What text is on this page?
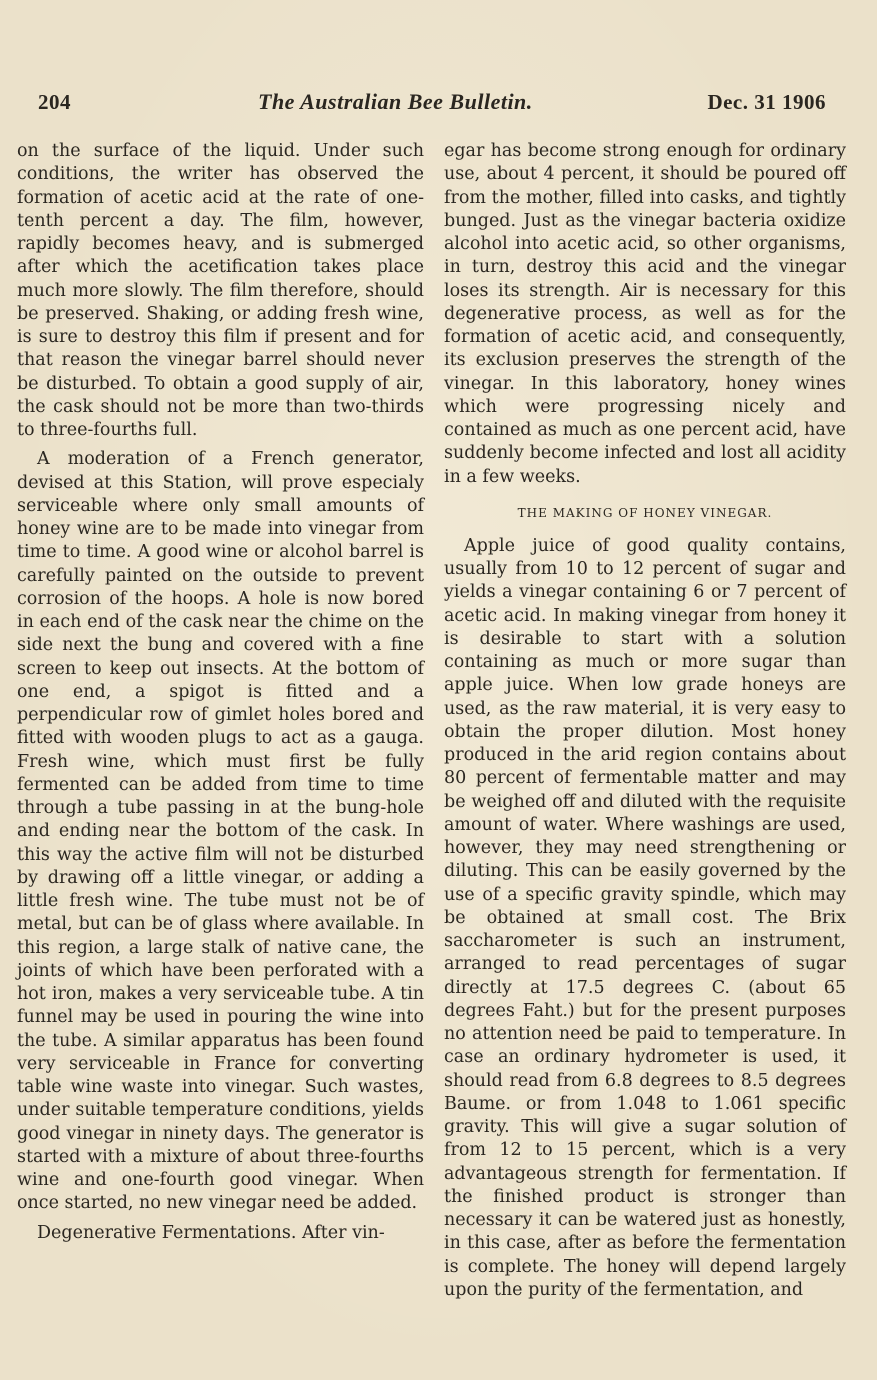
204	The Australian Bee Bulletin.	Dec. 31 1906

on the surface of the liquid. Under such conditions, the writer has observed the formation of acetic acid at the rate of one-tenth percent a day. The film, however, rapidly becomes heavy, and is submerged after which the acetification takes place much more slowly. The film therefore, should be preserved. Shaking, or adding fresh wine, is sure to destroy this film if present and for that reason the vinegar barrel should never be disturbed. To obtain a good supply of air, the cask should not be more than two-thirds to three-fourths full.

A moderation of a French generator, devised at this Station, will prove especialy serviceable where only small amounts of honey wine are to be made into vinegar from time to time. A good wine or alcohol barrel is carefully painted on the outside to prevent corrosion of the hoops. A hole is now bored in each end of the cask near the chime on the side next the bung and covered with a fine screen to keep out insects. At the bottom of one end, a spigot is fitted and a perpendicular row of gimlet holes bored and fitted with wooden plugs to act as a gauga. Fresh wine, which must first be fully fermented can be added from time to time through a tube passing in at the bung-hole and ending near the bottom of the cask. In this way the active film will not be disturbed by drawing off a little vinegar, or adding a little fresh wine. The tube must not be of metal, but can be of glass where available. In this region, a large stalk of native cane, the joints of which have been perforated with a hot iron, makes a very serviceable tube. A tin funnel may be used in pouring the wine into the tube. A similar apparatus has been found very serviceable in France for converting table wine waste into vinegar. Such wastes, under suitable temperature conditions, yields good vinegar in ninety days. The generator is started with a mixture of about three-fourths wine and one-fourth good vinegar. When once started, no new vinegar need be added.

Degenerative Fermentations. After vin-

egar has become strong enough for ordinary use, about 4 percent, it should be poured off from the mother, filled into casks, and tightly bunged. Just as the vinegar bacteria oxidize alcohol into acetic acid, so other organisms, in turn, destroy this acid and the vinegar loses its strength. Air is necessary for this degenerative process, as well as for the formation of acetic acid, and consequently, its exclusion preserves the strength of the vinegar. In this laboratory, honey wines which were progressing nicely and contained as much as one percent acid, have suddenly become infected and lost all acidity in a few weeks.

THE MAKING OF HONEY VINEGAR.

Apple juice of good quality contains, usually from 10 to 12 percent of sugar and yields a vinegar containing 6 or 7 percent of acetic acid. In making vinegar from honey it is desirable to start with a solution containing as much or more sugar than apple juice. When low grade honeys are used, as the raw material, it is very easy to obtain the proper dilution. Most honey produced in the arid region contains about 80 percent of fermentable matter and may be weighed off and diluted with the requisite amount of water. Where washings are used, however, they may need strengthening or diluting. This can be easily governed by the use of a specific gravity spindle, which may be obtained at small cost. The Brix saccharometer is such an instrument, arranged to read percentages of sugar directly at 17.5 degrees C. (about 65 degrees Faht.) but for the present purposes no attention need be paid to temperature. In case an ordinary hydrometer is used, it should read from 6.8 degrees to 8.5 degrees Baume. or from 1.048 to 1.061 specific gravity. This will give a sugar solution of from 12 to 15 percent, which is a very advantageous strength for fermentation. If the finished product is stronger than necessary it can be watered just as honestly, in this case, after as before the fermentation is complete. The honey will depend largely upon the purity of the fermentation, and
